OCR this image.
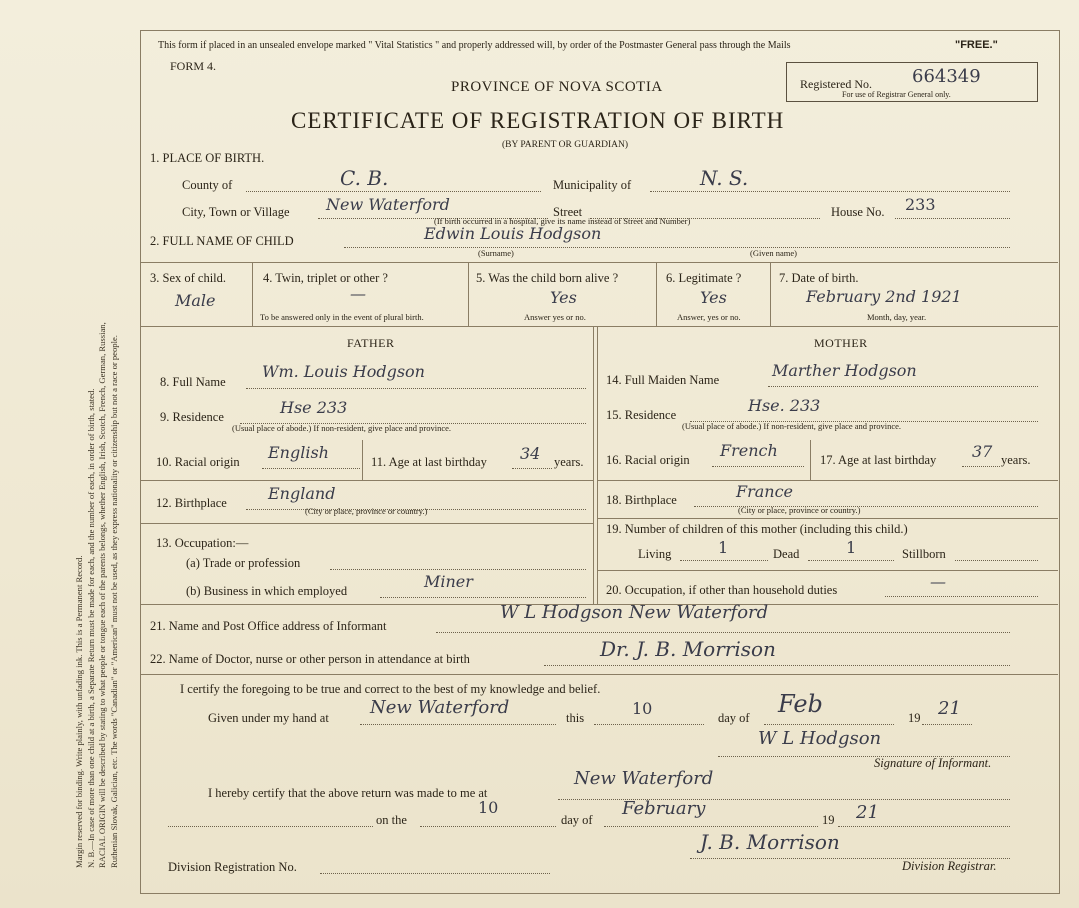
Margin reserved for binding. Write plainly, with unfading ink. This is a Permanent Record. N. B.—In case of more than one child at a birth, a Separate Return must be made for each, and the number of each, in order of birth, stated. RACIAL ORIGIN will be described by stating to what people or tongue each of the parents belongs, whether English, Irish, Scotch, French, German, Russian, Ruthenian Slovak, Galician, etc. The words "Canadian" or "American" must not be used, as they express nationality or citizenship but not a race or people.
This form if placed in an unsealed envelope marked " Vital Statistics " and properly addressed will, by order of the Postmaster General pass through the Mails	"FREE."
FORM 4.
PROVINCE OF NOVA SCOTIA
CERTIFICATE OF REGISTRATION OF BIRTH
(BY PARENT OR GUARDIAN)
Registered No. 664349
For use of Registrar General only.
1. PLACE OF BIRTH.
County of	C. B.	Municipality of	N. S.
City, Town or Village New Waterford	Street
(If birth occurred in a hospital, give its name instead of Street and Number)
House No. 233
2. FULL NAME OF CHILD	Edwin Louis Hodgson
(Surname)	(Given name)
3. Sex of child.
Male
4. Twin, triplet or other ?
—
To be answered only in the event of plural birth.
5. Was the child born alive ?
Yes
Answer yes or no.
6. Legitimate ?
Yes
Answer, yes or no.
7. Date of birth.
February 2nd 1921
Month, day, year.
FATHER
8. Full Name
Wm. Louis Hodgson
9. Residence	Hse 233
(Usual place of abode.) If non-resident, give place and province.
10. Racial origin English	11. Age at last birthday 34 years.
12. Birthplace	England
(City or place, province or country.)
13. Occupation:—
(a) Trade or profession
(b) Business in which employed	Miner
MOTHER
14. Full Maiden Name	Marther Hodgson
15. Residence	Hse. 233
(Usual place of abode.) If non-resident, give place and province.
16. Racial origin French	17. Age at last birthday 37 years.
18. Birthplace	France
(City or place, province or country.)
19. Number of children of this mother (including this child.)
Living	1	Dead	1	Stillborn
20. Occupation, if other than household duties	—
21. Name and Post Office address of Informant
W L Hodgson New Waterford
22. Name of Doctor, nurse or other person in attendance at birth	Dr. J. B. Morrison
I certify the foregoing to be true and correct to the best of my knowledge and belief.
Given under my hand at New Waterford	this	10	day of Feb	19 21
W L Hodgson
Signature of Informant.
I hereby certify that the above return was made to me at
New Waterford
on the
10
day of
February
19 21
J. B. Morrison
Division Registration No.	Division Registrar.
